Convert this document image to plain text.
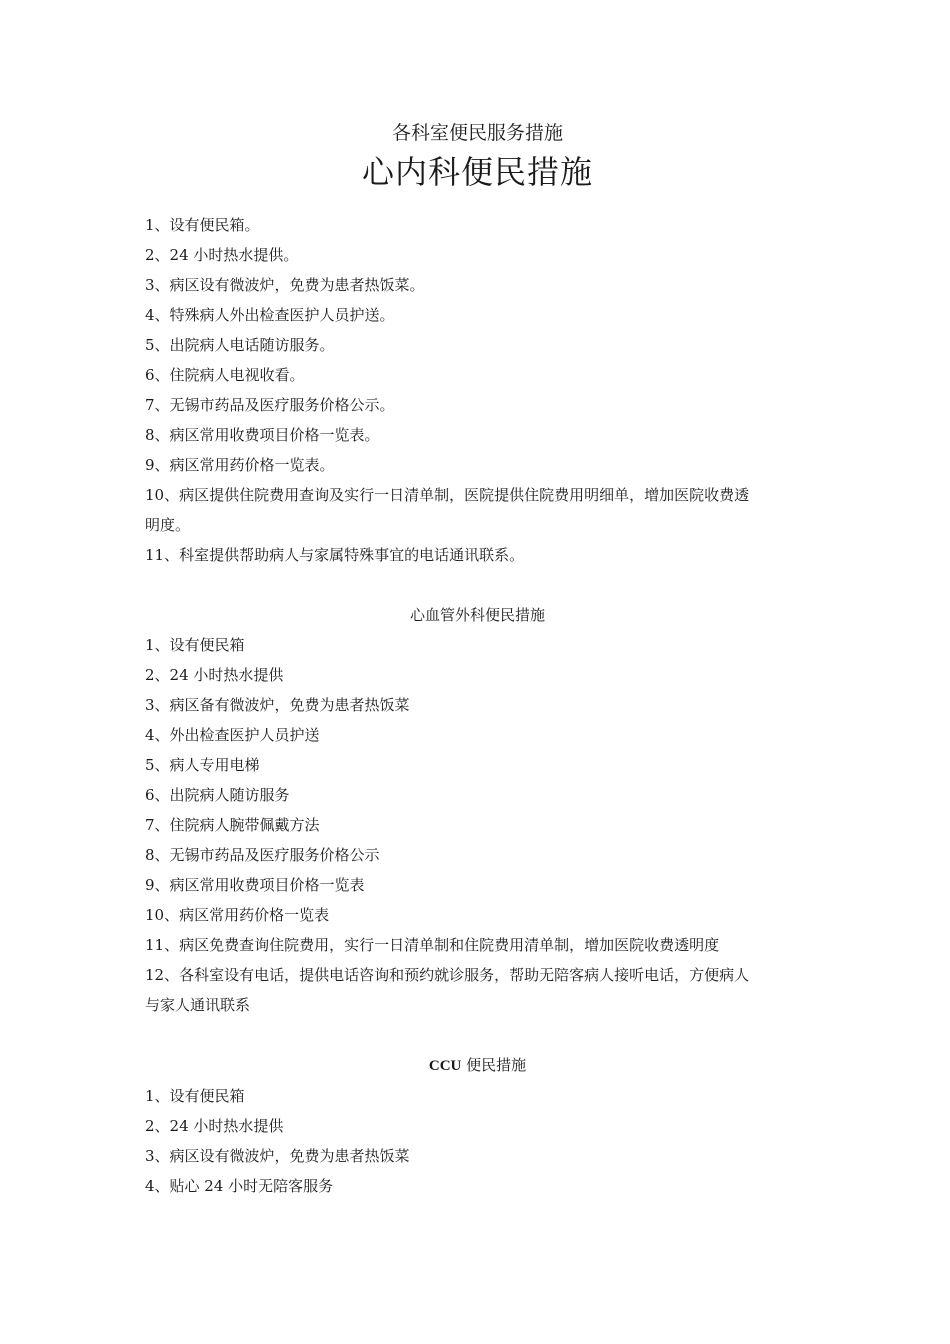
各科室便民服务措施
心内科便民措施

1、设有便民箱。

2、24 小时热水提供。

3、病区设有微波炉，免费为患者热饭菜。

4、特殊病人外出检查医护人员护送。

5、出院病人电话随访服务。

6、住院病人电视收看。

7、无锡市药品及医疗服务价格公示。

8、病区常用收费项目价格一览表。

9、病区常用药价格一览表。

10、病区提供住院费用查询及实行一日清单制，医院提供住院费用明细单，增加医院收费透

明度。

11、科室提供帮助病人与家属特殊事宜的电话通讯联系。

心血管外科便民措施

1、设有便民箱

2、24 小时热水提供

3、病区备有微波炉，免费为患者热饭菜

4、外出检查医护人员护送

5、病人专用电梯

6、出院病人随访服务

7、住院病人腕带佩戴方法

8、无锡市药品及医疗服务价格公示

9、病区常用收费项目价格一览表

10、病区常用药价格一览表

11、病区免费查询住院费用，实行一日清单制和住院费用清单制，增加医院收费透明度

12、各科室设有电话，提供电话咨询和预约就诊服务，帮助无陪客病人接听电话，方便病人

与家人通讯联系

CCU 便民措施

1、设有便民箱

2、24 小时热水提供

3、病区设有微波炉，免费为患者热饭菜

4、贴心 24 小时无陪客服务
